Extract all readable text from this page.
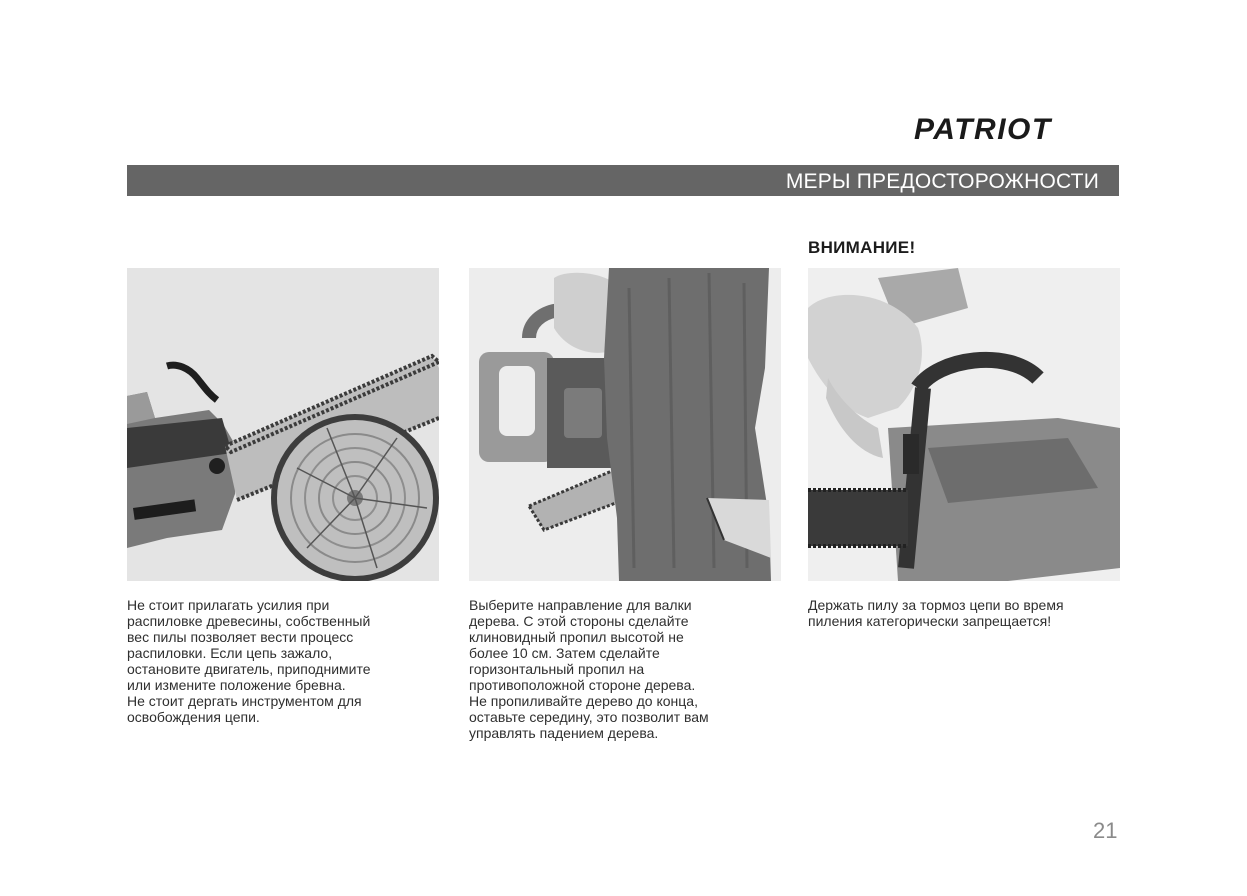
PATRIOT
МЕРЫ ПРЕДОСТОРОЖНОСТИ
ВНИМАНИЕ!
Не стоит прилагать усилия при
распиловке древесины, собственный
вес пилы позволяет вести процесс
распиловки. Если цепь зажало,
остановите двигатель, приподнимите
или измените положение бревна.
Не стоит дергать инструментом для
освобождения цепи.
Выберите направление для валки
дерева. С этой стороны сделайте
клиновидный пропил высотой не
более 10 см. Затем сделайте
горизонтальный пропил на
противоположной стороне дерева.
Не пропиливайте дерево до конца,
оставьте середину, это позволит вам
управлять падением дерева.
Держать пилу за тормоз цепи во время
пиления категорически запрещается!
21
